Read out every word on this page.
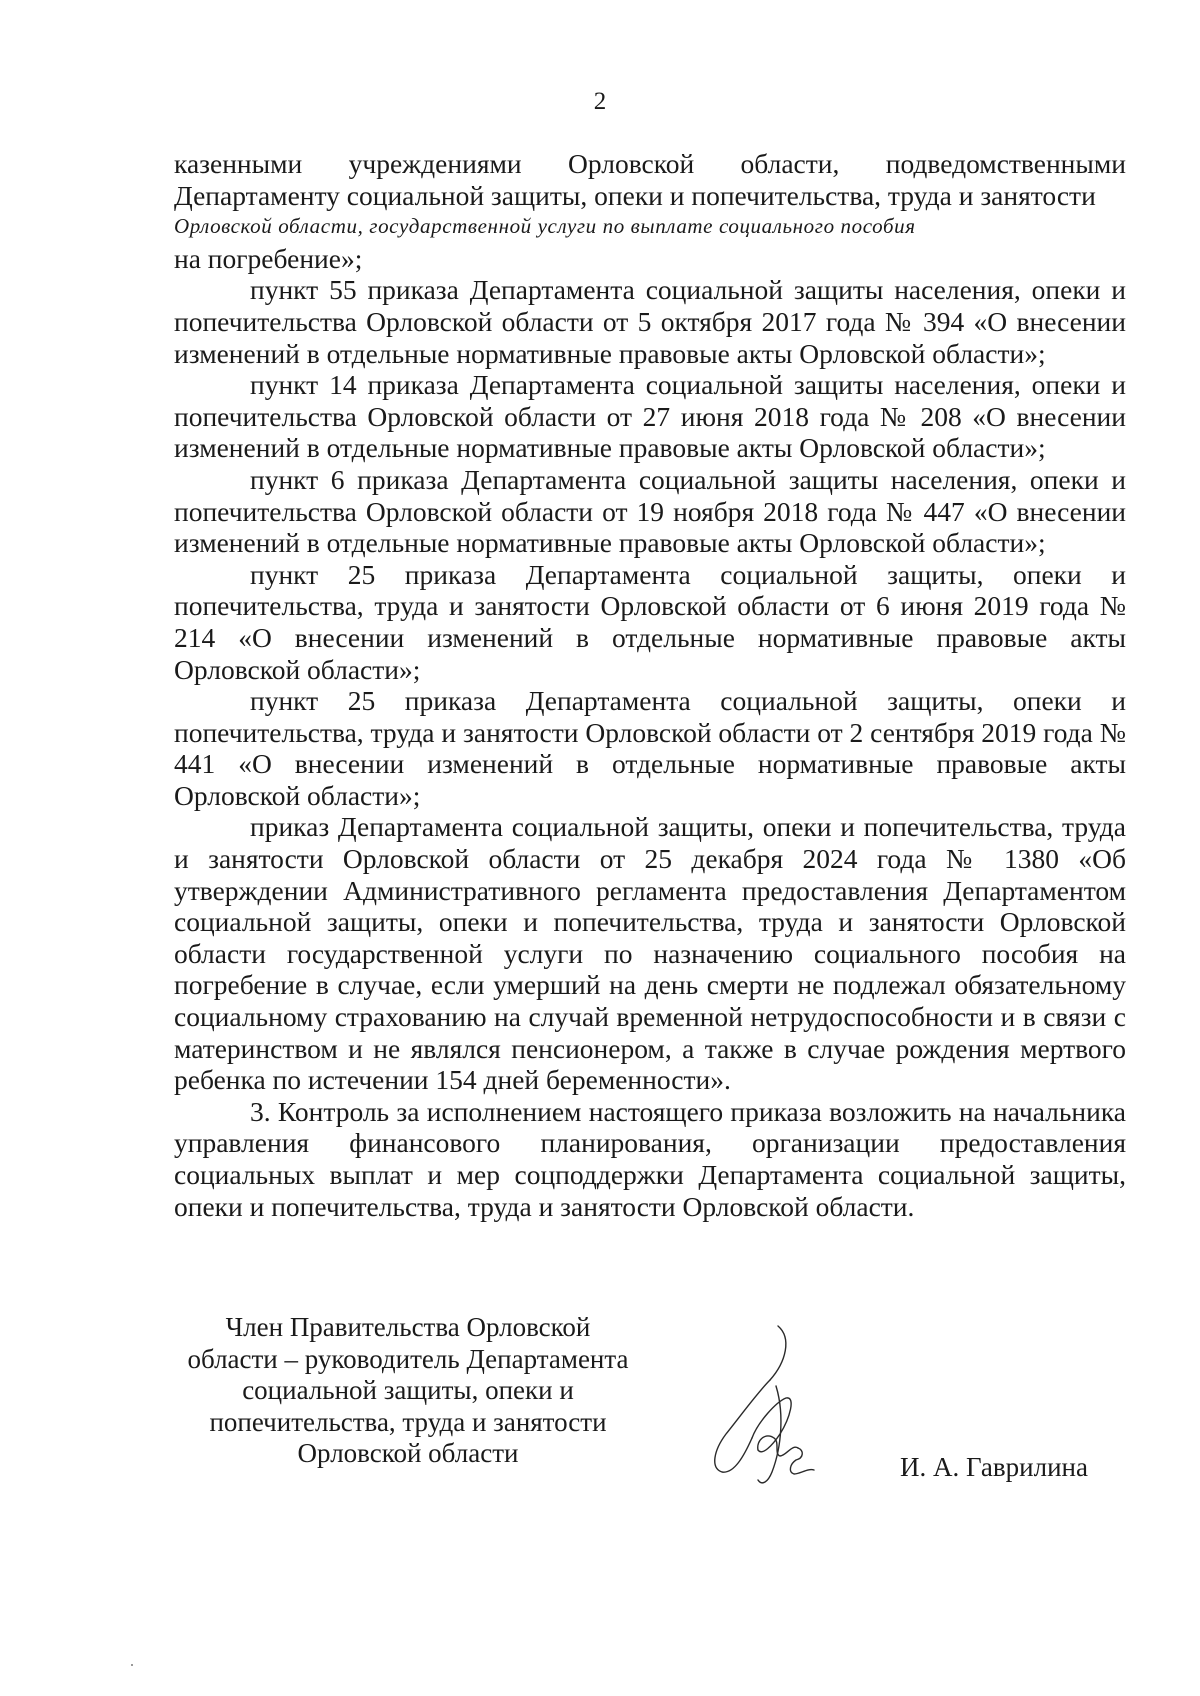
2

казенными учреждениями Орловской области, подведомственными Департаменту социальной защиты, опеки и попечительства, труда и занятости
Орловской области, государственной услуги по выплате социального пособия
на погребение»;

пункт 55 приказа Департамента социальной защиты населения, опеки и попечительства Орловской области от 5 октября 2017 года № 394 «О внесении изменений в отдельные нормативные правовые акты Орловской области»;

пункт 14 приказа Департамента социальной защиты населения, опеки и попечительства Орловской области от 27 июня 2018 года № 208 «О внесении изменений в отдельные нормативные правовые акты Орловской области»;

пункт 6 приказа Департамента социальной защиты населения, опеки и попечительства Орловской области от 19 ноября 2018 года № 447 «О внесении изменений в отдельные нормативные правовые акты Орловской области»;

пункт 25 приказа Департамента социальной защиты, опеки и попечительства, труда и занятости Орловской области от 6 июня 2019 года № 214 «О внесении изменений в отдельные нормативные правовые акты Орловской области»;

пункт 25 приказа Департамента социальной защиты, опеки и попечительства, труда и занятости Орловской области от 2 сентября 2019 года № 441 «О внесении изменений в отдельные нормативные правовые акты Орловской области»;

приказ Департамента социальной защиты, опеки и попечительства, труда и занятости Орловской области от 25 декабря 2024 года № 1380 «Об утверждении Административного регламента предоставления Департаментом социальной защиты, опеки и попечительства, труда и занятости Орловской области государственной услуги по назначению социального пособия на погребение в случае, если умерший на день смерти не подлежал обязательному социальному страхованию на случай временной нетрудоспособности и в связи с материнством и не являлся пенсионером, а также в случае рождения мертвого ребенка по истечении 154 дней беременности».

3. Контроль за исполнением настоящего приказа возложить на начальника управления финансового планирования, организации предоставления социальных выплат и мер соцподдержки Департамента социальной защиты, опеки и попечительства, труда и занятости Орловской области.

Член Правительства Орловской
области – руководитель Департамента
социальной защиты, опеки и
попечительства, труда и занятости
Орловской области	И. А. Гаврилина
